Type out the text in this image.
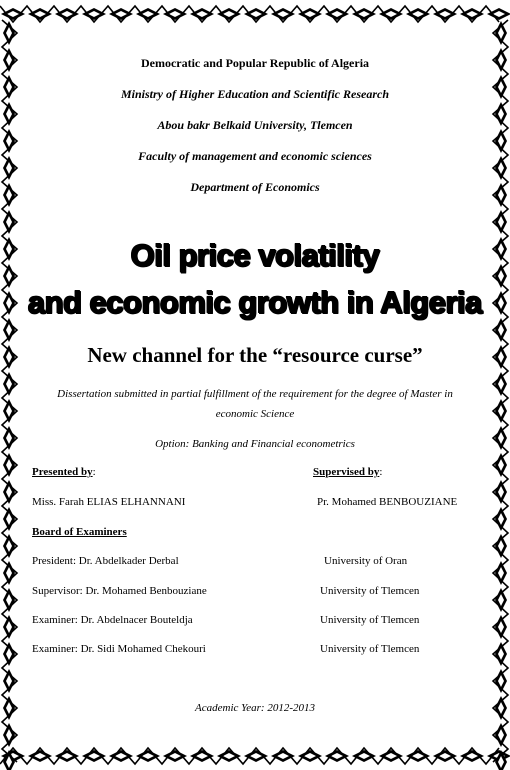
Democratic and Popular Republic of Algeria
Ministry of Higher Education and Scientific Research
Abou bakr Belkaid University, Tlemcen
Faculty of management and economic sciences
Department of Economics
Oil price volatility
and economic growth in Algeria
New channel for the “resource curse”
Dissertation submitted in partial fulfillment of the requirement for the degree of Master in
economic Science
Option: Banking and Financial econometrics
Presented by:	Supervised by:
Miss. Farah ELIAS ELHANNANI	Pr. Mohamed BENBOUZIANE
Board of Examiners
President: Dr. Abdelkader Derbal	University of Oran
Supervisor: Dr. Mohamed Benbouziane	University of Tlemcen
Examiner: Dr. Abdelnacer Bouteldja	University of Tlemcen
Examiner: Dr. Sidi Mohamed Chekouri	University of Tlemcen
Academic Year: 2012-2013
